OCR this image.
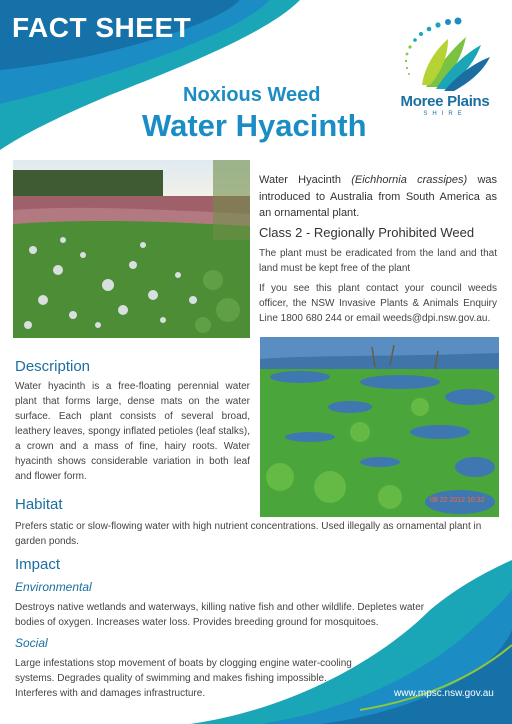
FACT SHEET
Noxious Weed
Water Hyacinth
Moree Plains
SHIRE
Water Hyacinth (Eichhornia crassipes) was introduced to Australia from South America as an ornamental plant.
Class 2 - Regionally Prohibited Weed
The plant must be eradicated from the land and that land must be kept free of the plant
If you see this plant contact your council weeds officer, the NSW Invasive Plants & Animals Enquiry Line 1800 680 244 or email weeds@dpi.nsw.gov.au.
08 22 2012 10:32
Description
Water hyacinth is a free-floating perennial water plant that forms large, dense mats on the water surface. Each plant consists of several broad, leathery leaves, spongy inflated petioles (leaf stalks), a crown and a mass of fine, hairy roots. Water hyacinth shows considerable variation in both leaf and flower form.
Habitat
Prefers static or slow-flowing water with high nutrient concentrations. Used illegally as ornamental plant in garden ponds.
Impact
Environmental
Destroys native wetlands and waterways, killing native fish and other wildlife. Depletes water bodies of oxygen. Increases water loss. Provides breeding ground for mosquitoes.
Social
Large infestations stop movement of boats by clogging engine water-cooling systems. Degrades quality of swimming and makes fishing impossible. Interferes with and damages infrastructure.	www.mpsc.nsw.gov.au
